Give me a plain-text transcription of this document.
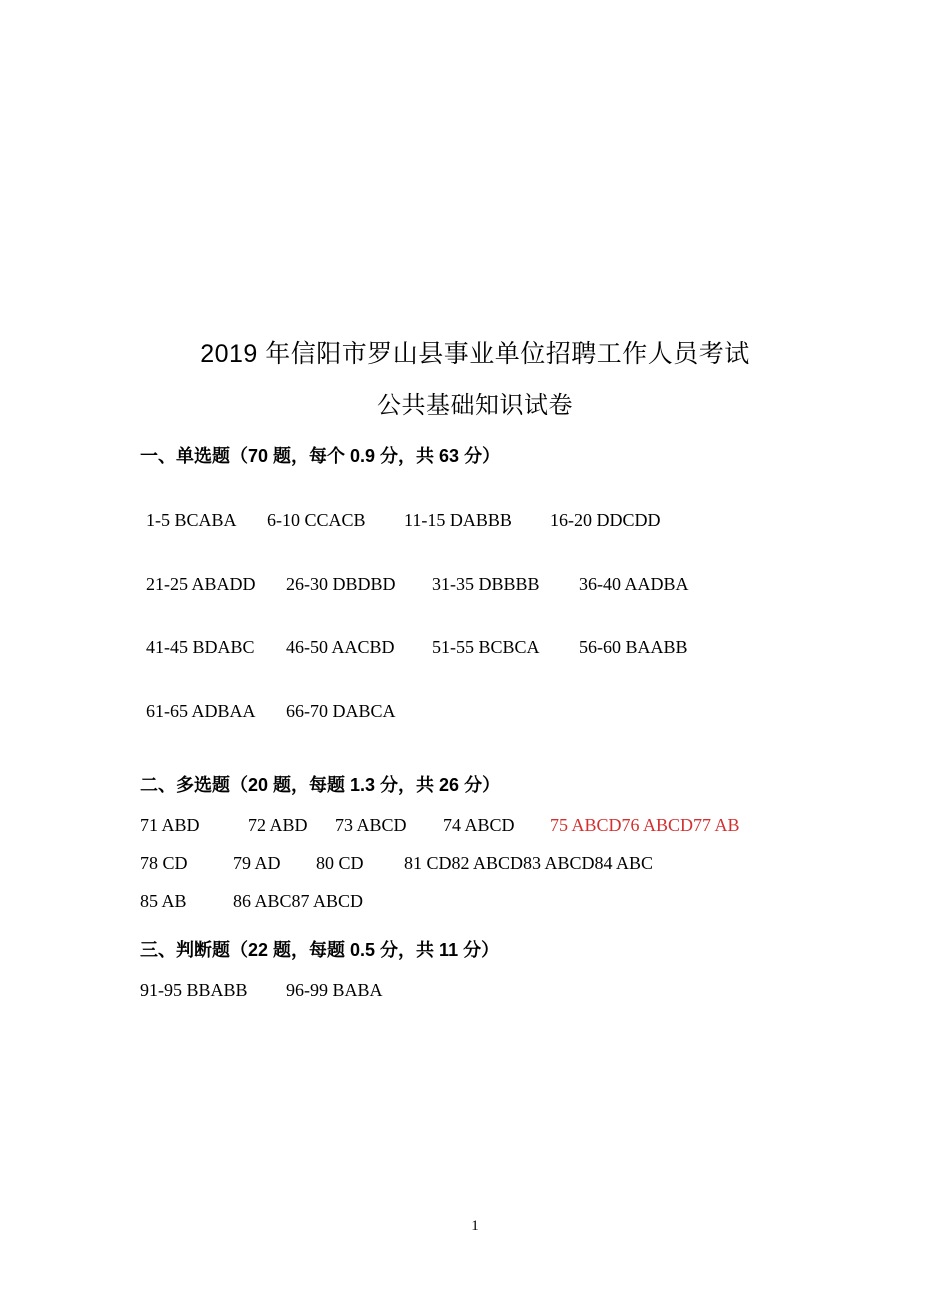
2019 年信阳市罗山县事业单位招聘工作人员考试
公共基础知识试卷
一、单选题（70 题，每个 0.9 分，共 63 分）
1-5 BCABA 6-10 CCACB 11-15 DABBB 16-20 DDCDD
21-25 ABADD 26-30 DBDBD 31-35 DBBBB 36-40 AADBA
41-45 BDABC 46-50 AACBD 51-55 BCBCA 56-60 BAABB
61-65 ADBAA 66-70 DABCA
二、多选题（20 题，每题 1.3 分，共 26 分）
71 ABD	72 ABD 73 ABCD 74 ABCD 75 ABCD76 ABCD77 AB
78 CD	79 AD 80 CD 81 CD82 ABCD83 ABCD84 ABC
85 AB	86 ABC87 ABCD
三、判断题（22 题，每题 0.5 分，共 11 分）
91-95 BBABB 96-99 BABA
1
